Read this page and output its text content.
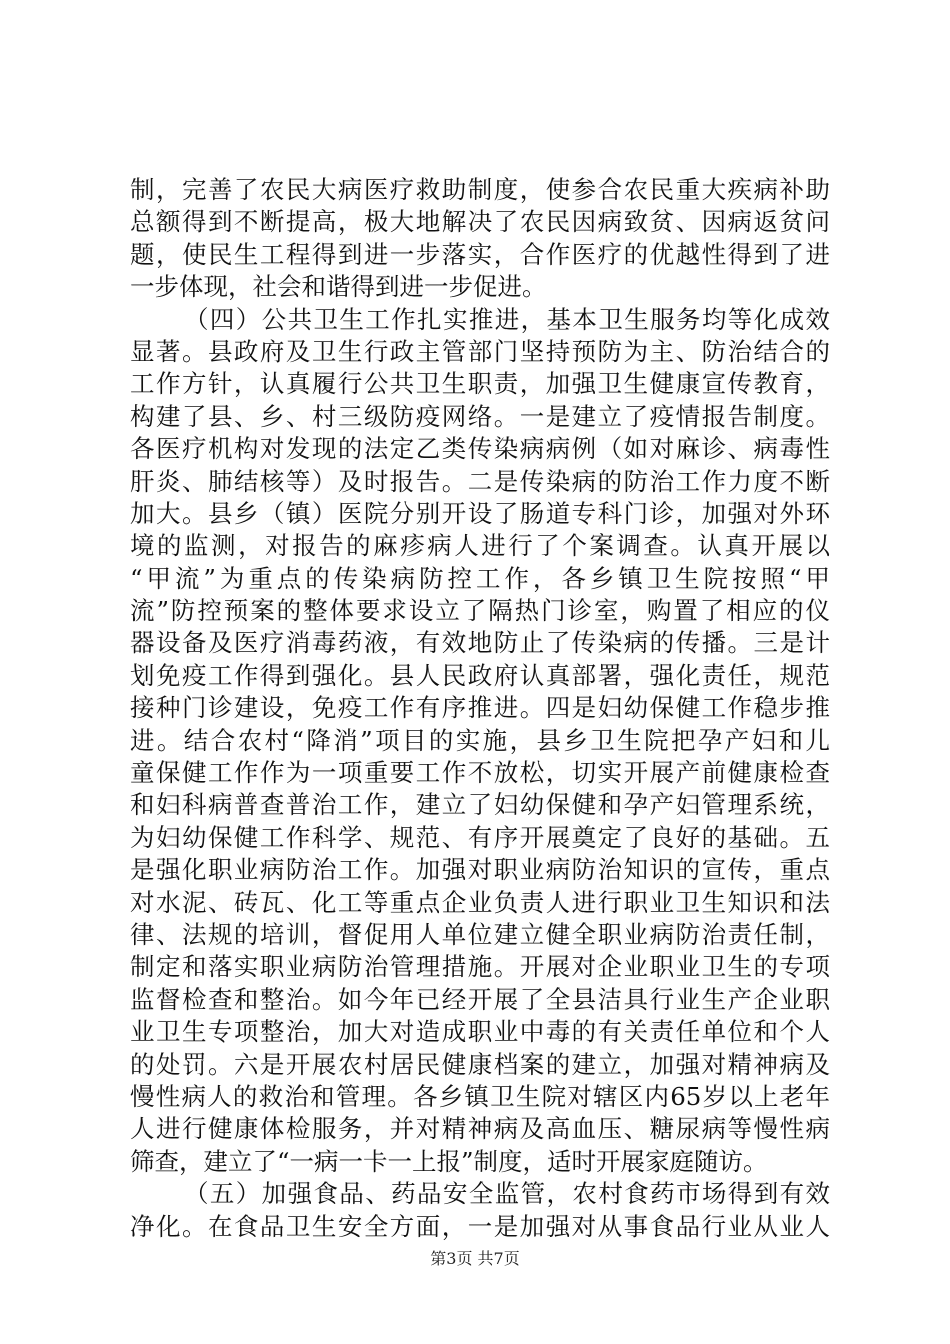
制，完善了农民大病医疗救助制度，使参合农民重大疾病补助
总额得到不断提高，极大地解决了农民因病致贫、因病返贫问
题，使民生工程得到进一步落实，合作医疗的优越性得到了进
一步体现，社会和谐得到进一步促进。
（四）公共卫生工作扎实推进，基本卫生服务均等化成效
显著。县政府及卫生行政主管部门坚持预防为主、防治结合的
工作方针，认真履行公共卫生职责，加强卫生健康宣传教育，
构建了县、乡、村三级防疫网络。一是建立了疫情报告制度。
各医疗机构对发现的法定乙类传染病病例（如对麻诊、病毒性
肝炎、肺结核等）及时报告。二是传染病的防治工作力度不断
加大。县乡（镇）医院分别开设了肠道专科门诊，加强对外环
境的监测，对报告的麻疹病人进行了个案调查。认真开展以
“甲流”为重点的传染病防控工作，各乡镇卫生院按照“甲
流”防控预案的整体要求设立了隔热门诊室，购置了相应的仪
器设备及医疗消毒药液，有效地防止了传染病的传播。三是计
划免疫工作得到强化。县人民政府认真部署，强化责任，规范
接种门诊建设，免疫工作有序推进。四是妇幼保健工作稳步推
进。结合农村“降消”项目的实施，县乡卫生院把孕产妇和儿
童保健工作作为一项重要工作不放松，切实开展产前健康检查
和妇科病普查普治工作，建立了妇幼保健和孕产妇管理系统，
为妇幼保健工作科学、规范、有序开展奠定了良好的基础。五
是强化职业病防治工作。加强对职业病防治知识的宣传，重点
对水泥、砖瓦、化工等重点企业负责人进行职业卫生知识和法
律、法规的培训，督促用人单位建立健全职业病防治责任制，
制定和落实职业病防治管理措施。开展对企业职业卫生的专项
监督检查和整治。如今年已经开展了全县洁具行业生产企业职
业卫生专项整治，加大对造成职业中毒的有关责任单位和个人
的处罚。六是开展农村居民健康档案的建立，加强对精神病及
慢性病人的救治和管理。各乡镇卫生院对辖区内65岁以上老年
人进行健康体检服务，并对精神病及高血压、糖尿病等慢性病
筛查，建立了“一病一卡一上报”制度，适时开展家庭随访。
（五）加强食品、药品安全监管，农村食药市场得到有效
净化。在食品卫生安全方面，一是加强对从事食品行业从业人
第3页 共7页
